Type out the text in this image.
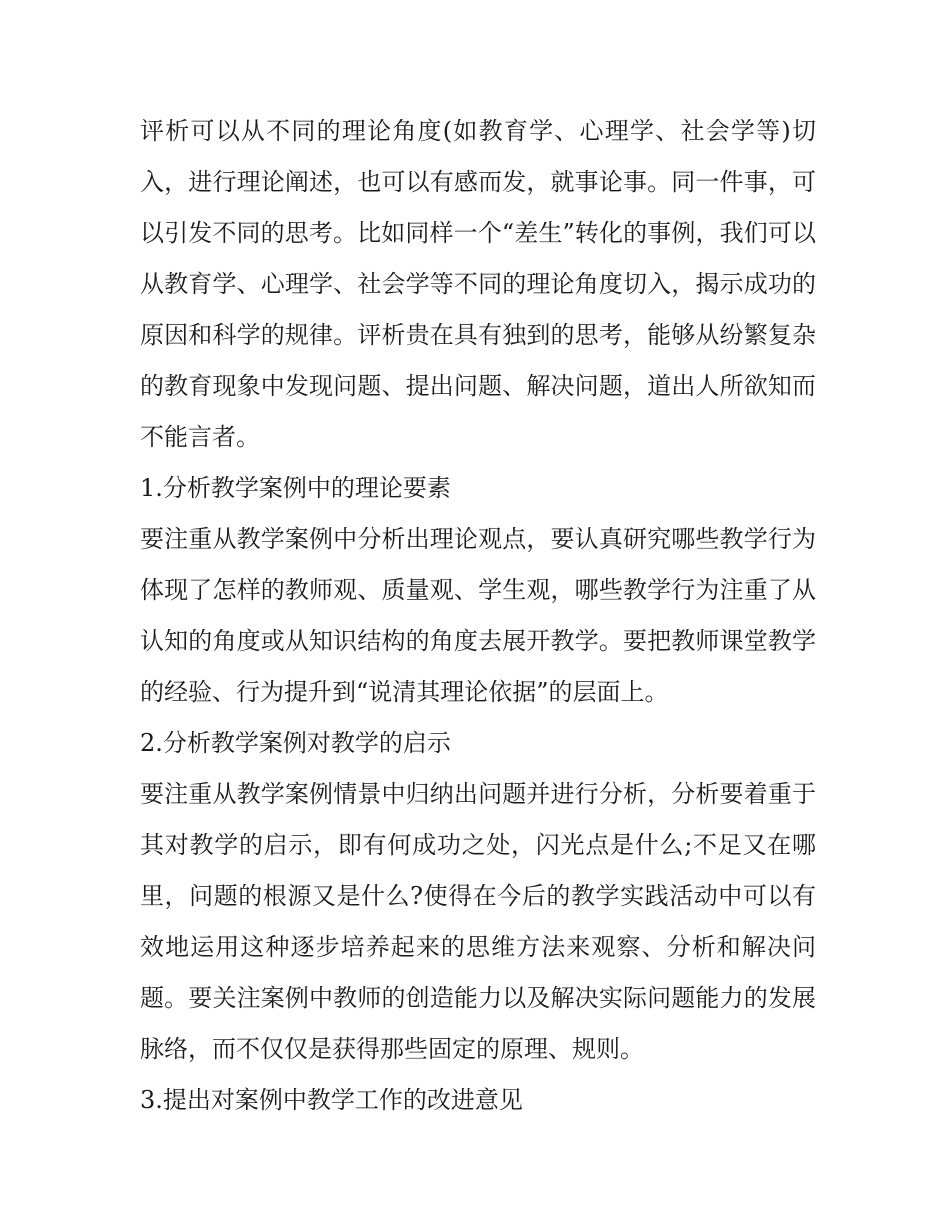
评析可以从不同的理论角度(如教育学、心理学、社会学等)切入，进行理论阐述，也可以有感而发，就事论事。同一件事，可以引发不同的思考。比如同样一个“差生”转化的事例，我们可以从教育学、心理学、社会学等不同的理论角度切入，揭示成功的原因和科学的规律。评析贵在具有独到的思考，能够从纷繁复杂的教育现象中发现问题、提出问题、解决问题，道出人所欲知而不能言者。

1.分析教学案例中的理论要素

要注重从教学案例中分析出理论观点，要认真研究哪些教学行为体现了怎样的教师观、质量观、学生观，哪些教学行为注重了从认知的角度或从知识结构的角度去展开教学。要把教师课堂教学的经验、行为提升到“说清其理论依据”的层面上。

2.分析教学案例对教学的启示

要注重从教学案例情景中归纳出问题并进行分析，分析要着重于其对教学的启示，即有何成功之处，闪光点是什么;不足又在哪里，问题的根源又是什么?使得在今后的教学实践活动中可以有效地运用这种逐步培养起来的思维方法来观察、分析和解决问题。要关注案例中教师的创造能力以及解决实际问题能力的发展脉络，而不仅仅是获得那些固定的原理、规则。

3.提出对案例中教学工作的改进意见
